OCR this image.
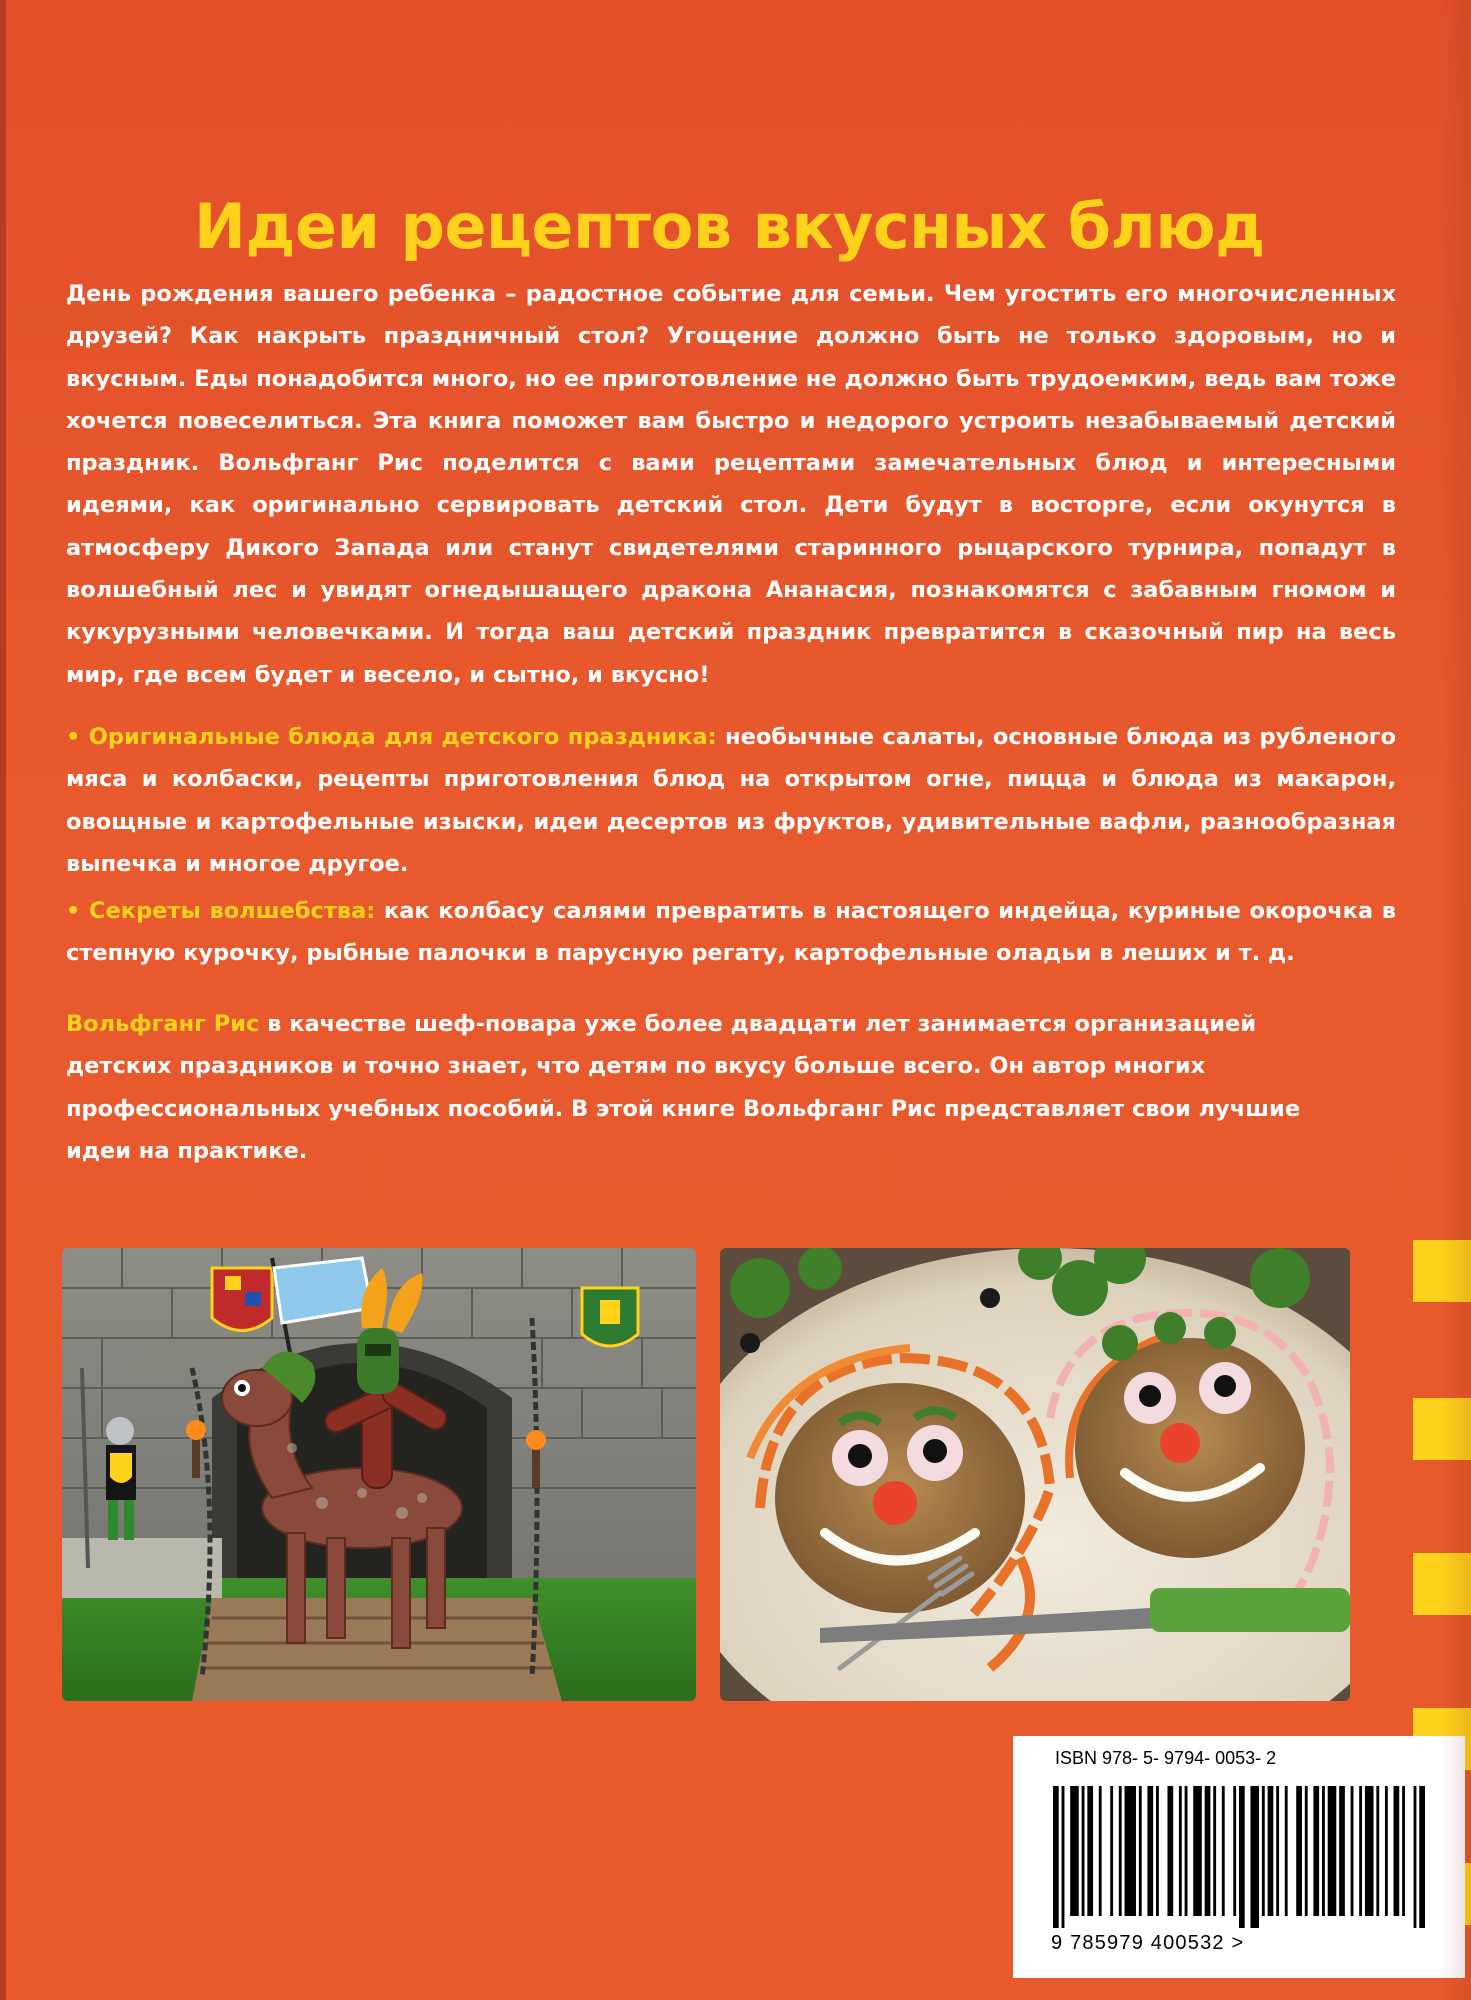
Идеи рецептов вкусных блюд

День рождения вашего ребенка – радостное событие для семьи. Чем угостить его многочисленных друзей? Как накрыть праздничный стол? Угощение должно быть не только здоровым, но и вкусным. Еды понадобится много, но ее приготовление не должно быть трудоемким, ведь вам тоже хочется повеселиться. Эта книга поможет вам быстро и недорого устроить незабываемый детский праздник. Вольфганг Рис поделится с вами рецептами замечательных блюд и интересными идеями, как оригинально сервировать детский стол. Дети будут в восторге, если окунутся в атмосферу Дикого Запада или станут свидетелями старинного рыцарского турнира, попадут в волшебный лес и увидят огнедышащего дракона Ананасия, познакомятся с забавным гномом и кукурузными человечками. И тогда ваш детский праздник превратится в сказочный пир на весь мир, где всем будет и весело, и сытно, и вкусно!

• Оригинальные блюда для детского праздника: необычные салаты, основные блюда из рубленого мяса и колбаски, рецепты приготовления блюд на открытом огне, пицца и блюда из макарон, овощные и картофельные изыски, идеи десертов из фруктов, удивительные вафли, разнообразная выпечка и многое другое.

• Секреты волшебства: как колбасу салями превратить в настоящего индейца, куриные окорочка в степную курочку, рыбные палочки в парусную регату, картофельные оладьи в леших и т. д.

Вольфганг Рис в качестве шеф-повара уже более двадцати лет занимается организацией детских праздников и точно знает, что детям по вкусу больше всего. Он автор многих профессиональных учебных пособий. В этой книге Вольфганг Рис представляет свои лучшие идеи на практике.

ISBN 978- 5- 9794- 0053- 2
9 785979 400532 >
